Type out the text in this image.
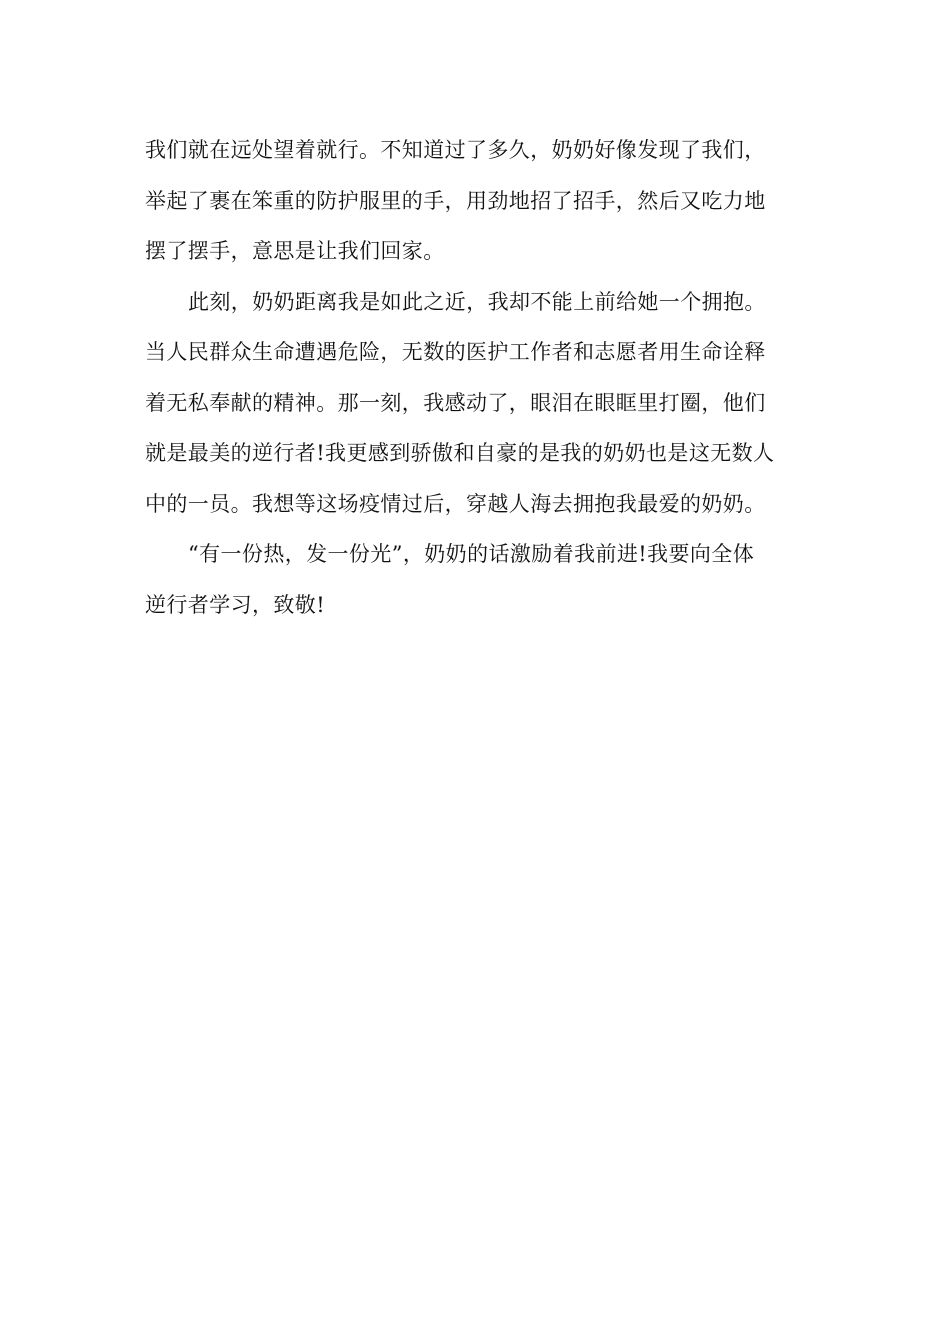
我们就在远处望着就行。不知道过了多久，奶奶好像发现了我们，
举起了裹在笨重的防护服里的手，用劲地招了招手，然后又吃力地
摆了摆手，意思是让我们回家。
此刻，奶奶距离我是如此之近，我却不能上前给她一个拥抱。
当人民群众生命遭遇危险，无数的医护工作者和志愿者用生命诠释
着无私奉献的精神。那一刻，我感动了，眼泪在眼眶里打圈，他们
就是最美的逆行者!我更感到骄傲和自豪的是我的奶奶也是这无数人
中的一员。我想等这场疫情过后，穿越人海去拥抱我最爱的奶奶。
“有一份热，发一份光”，奶奶的话激励着我前进!我要向全体
逆行者学习，致敬!
